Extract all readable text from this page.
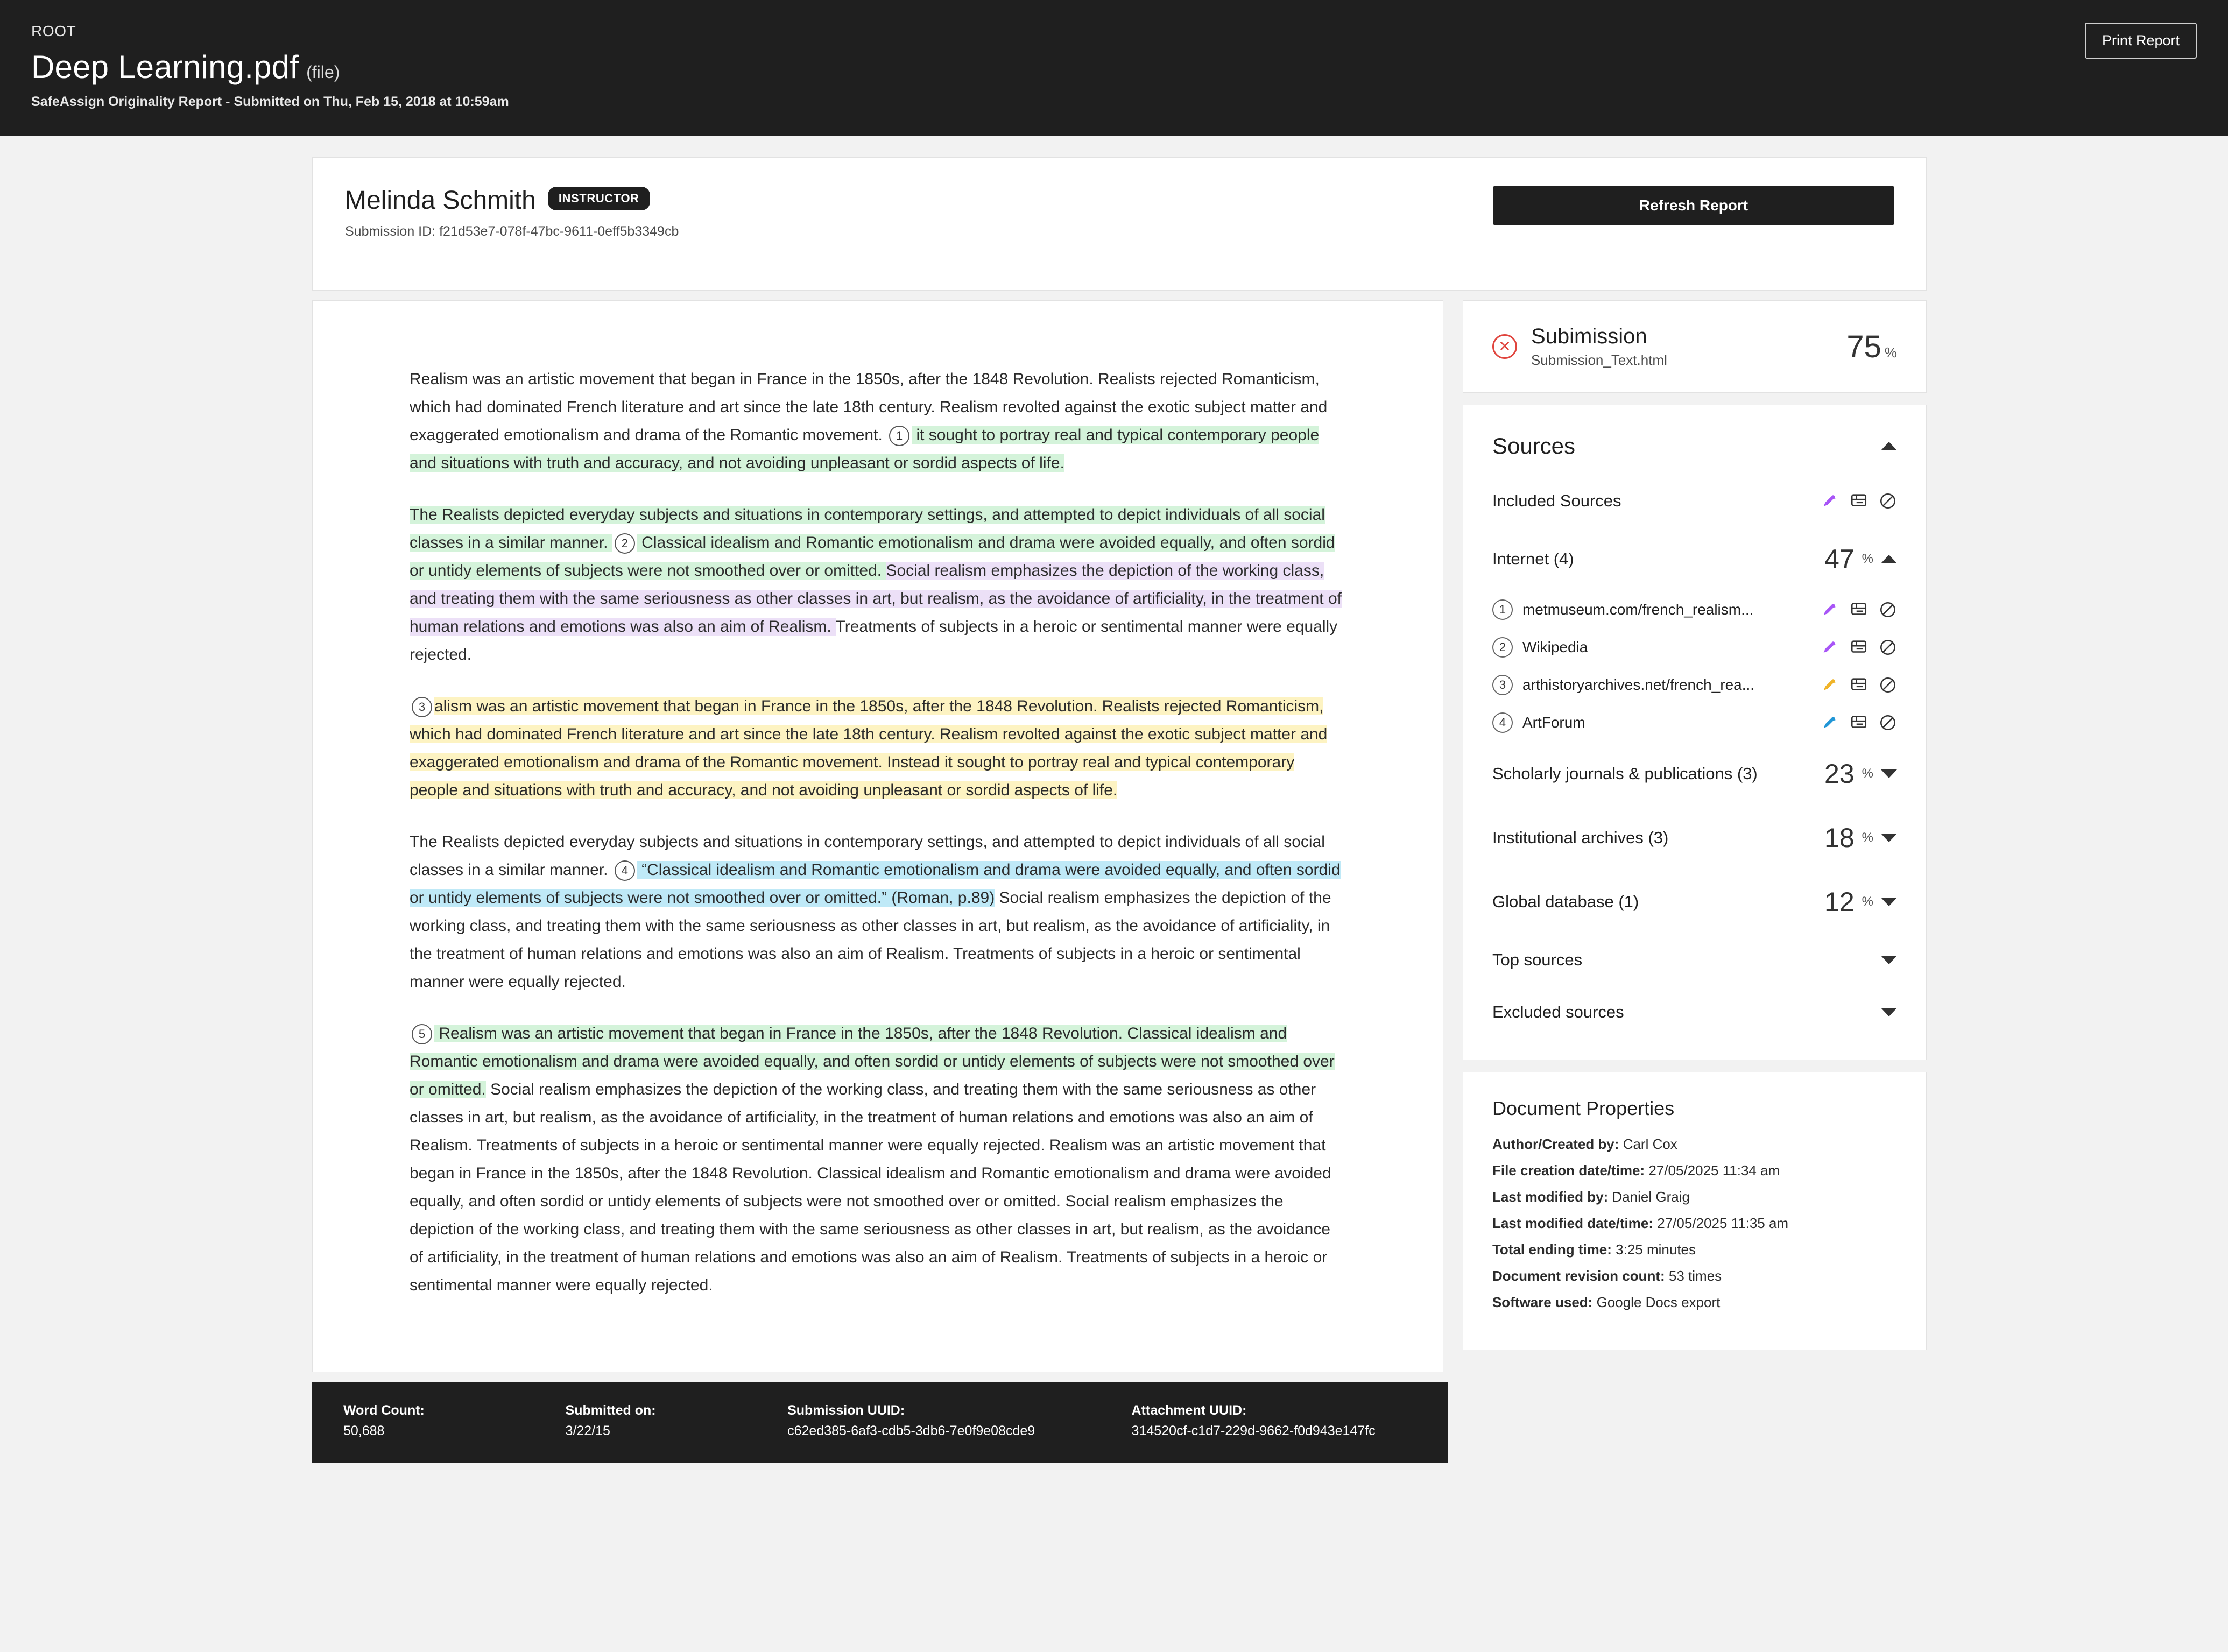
ROOT
Deep Learning.pdf (file)
SafeAssign Originality Report - Submitted on Thu, Feb 15, 2018 at 10:59am
Print Report
Melinda Schmith	INSTRUCTOR
Submission ID: f21d53e7-078f-47bc-9611-0eff5b3349cb
Refresh Report

Realism was an artistic movement that began in France in the 1850s, after the 1848 Revolution. Realists rejected Romanticism, which had dominated French literature and art since the late 18th century. Realism revolted against the exotic subject matter and exaggerated emotionalism and drama of the Romantic movement. 1 it sought to portray real and typical contemporary people and situations with truth and accuracy, and not avoiding unpleasant or sordid aspects of life.

The Realists depicted everyday subjects and situations in contemporary settings, and attempted to depict individuals of all social classes in a similar manner. 2 Classical idealism and Romantic emotionalism and drama were avoided equally, and often sordid or untidy elements of subjects were not smoothed over or omitted. Social realism emphasizes the depiction of the working class, and treating them with the same seriousness as other classes in art, but realism, as the avoidance of artificiality, in the treatment of human relations and emotions was also an aim of Realism. Treatments of subjects in a heroic or sentimental manner were equally rejected.

3 alism was an artistic movement that began in France in the 1850s, after the 1848 Revolution. Realists rejected Romanticism, which had dominated French literature and art since the late 18th century. Realism revolted against the exotic subject matter and exaggerated emotionalism and drama of the Romantic movement. Instead it sought to portray real and typical contemporary people and situations with truth and accuracy, and not avoiding unpleasant or sordid aspects of life.

The Realists depicted everyday subjects and situations in contemporary settings, and attempted to depict individuals of all social classes in a similar manner. 4 “Classical idealism and Romantic emotionalism and drama were avoided equally, and often sordid or untidy elements of subjects were not smoothed over or omitted.” (Roman, p.89) Social realism emphasizes the depiction of the working class, and treating them with the same seriousness as other classes in art, but realism, as the avoidance of artificiality, in the treatment of human relations and emotions was also an aim of Realism. Treatments of subjects in a heroic or sentimental manner were equally rejected.

5 Realism was an artistic movement that began in France in the 1850s, after the 1848 Revolution. Classical idealism and Romantic emotionalism and drama were avoided equally, and often sordid or untidy elements of subjects were not smoothed over or omitted. Social realism emphasizes the depiction of the working class, and treating them with the same seriousness as other classes in art, but realism, as the avoidance of artificiality, in the treatment of human relations and emotions was also an aim of Realism. Treatments of subjects in a heroic or sentimental manner were equally rejected. Realism was an artistic movement that began in France in the 1850s, after the 1848 Revolution. Classical idealism and Romantic emotionalism and drama were avoided equally, and often sordid or untidy elements of subjects were not smoothed over or omitted. Social realism emphasizes the depiction of the working class, and treating them with the same seriousness as other classes in art, but realism, as the avoidance of artificiality, in the treatment of human relations and emotions was also an aim of Realism. Treatments of subjects in a heroic or sentimental manner were equally rejected.

✕ Subimission
Submission_Text.html	75 %
Sources
Included Sources
Internet (4)	47 %
1	metmuseum.com/french_realism...
2	Wikipedia
3	arthistoryarchives.net/french_rea...
4	ArtForum
Scholarly journals & publications (3) 23 %
Institutional archives (3)	18 %
Global database (1)	12 %
Top sources
Excluded sources
Document Properties
Author/Created by: Carl Cox
File creation date/time: 27/05/2025 11:34 am
Last modified by: Daniel Graig
Last modified date/time: 27/05/2025 11:35 am
Total ending time: 3:25 minutes
Document revision count: 53 times
Software used: Google Docs export
Word Count:
50,688
Submitted on:
3/22/15
Submission UUID:
c62ed385-6af3-cdb5-3db6-7e0f9e08cde9
Attachment UUID:
314520cf-c1d7-229d-9662-f0d943e147fc
